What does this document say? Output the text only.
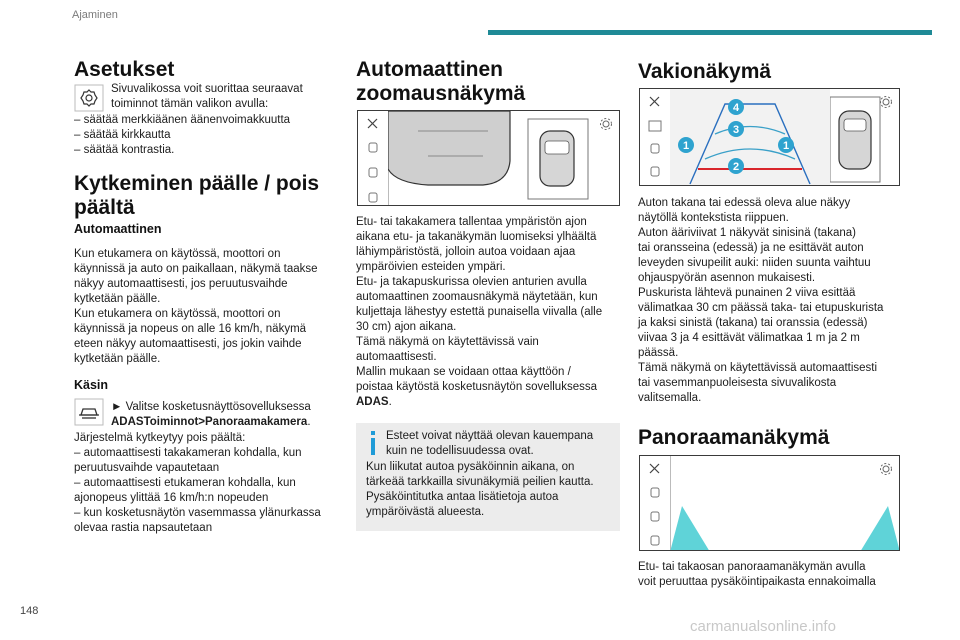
Ajaminen
Asetukset
Sivuvalikossa voit suorittaa seuraavat
toiminnot tämän valikon avulla:
– säätää merkkiäänen äänenvoimakkuutta
– säätää kirkkautta
– säätää kontrastia.
Kytkeminen päälle / pois
päältä
Automaattinen
Kun etukamera on käytössä, moottori on
käynnissä ja auto on paikallaan, näkymä taakse
näkyy automaattisesti, jos peruutusvaihde
kytketään päälle.
Kun etukamera on käytössä, moottori on
käynnissä ja nopeus on alle 16 km/h, näkymä
eteen näkyy automaattisesti, jos jokin vaihde
kytketään päälle.
Käsin
► Valitse kosketusnäyttösovelluksessa
ADASToiminnot>Panoraamakamera.
Järjestelmä kytkeytyy pois päältä:
– automaattisesti takakameran kohdalla, kun
peruutusvaihde vapautetaan
– automaattisesti etukameran kohdalla, kun
ajonopeus ylittää 16 km/h:n nopeuden
– kun kosketusnäytön vasemmassa ylänurkassa
olevaa rastia napsautetaan
Automaattinen
zoomausnäkymä
Etu- tai takakamera tallentaa ympäristön ajon
aikana etu- ja takanäkymän luomiseksi ylhäältä
lähiympäristöstä, jolloin autoa voidaan ajaa
ympäröivien esteiden ympäri.
Etu- ja takapuskurissa olevien anturien avulla
automaattinen zoomausnäkymä näytetään, kun
kuljettaja lähestyy estettä punaisella viivalla (alle
30 cm) ajon aikana.
Tämä näkymä on käytettävissä vain
automaattisesti.
Mallin mukaan se voidaan ottaa käyttöön /
poistaa käytöstä kosketusnäytön sovelluksessa
ADAS.
Esteet voivat näyttää olevan kauempana
kuin ne todellisuudessa ovat.
Kun liikutat autoa pysäköinnin aikana, on
tärkeää tarkkailla sivunäkymiä peilien kautta.
Pysäköintitutka antaa lisätietoja autoa
ympäröivästä alueesta.
Vakionäkymä
4
3
1	1
2
Auton takana tai edessä oleva alue näkyy
näytöllä kontekstista riippuen.
Auton ääriviivat 1 näkyvät sinisinä (takana)
tai oransseina (edessä) ja ne esittävät auton
leveyden sivupeilit auki: niiden suunta vaihtuu
ohjauspyörän asennon mukaisesti.
Puskurista lähtevä punainen 2 viiva esittää
välimatkaa 30 cm päässä taka- tai etupuskurista
ja kaksi sinistä (takana) tai oranssia (edessä)
viivaa 3 ja 4 esittävät välimatkaa 1 m ja 2 m
päässä.
Tämä näkymä on käytettävissä automaattisesti
tai vasemmanpuoleisesta sivuvalikosta
valitsemalla.
Panoraamanäkymä
Etu- tai takaosan panoraamanäkymän avulla
voit peruuttaa pysäköintipaikasta ennakoimalla
148
carmanualsonline.info
